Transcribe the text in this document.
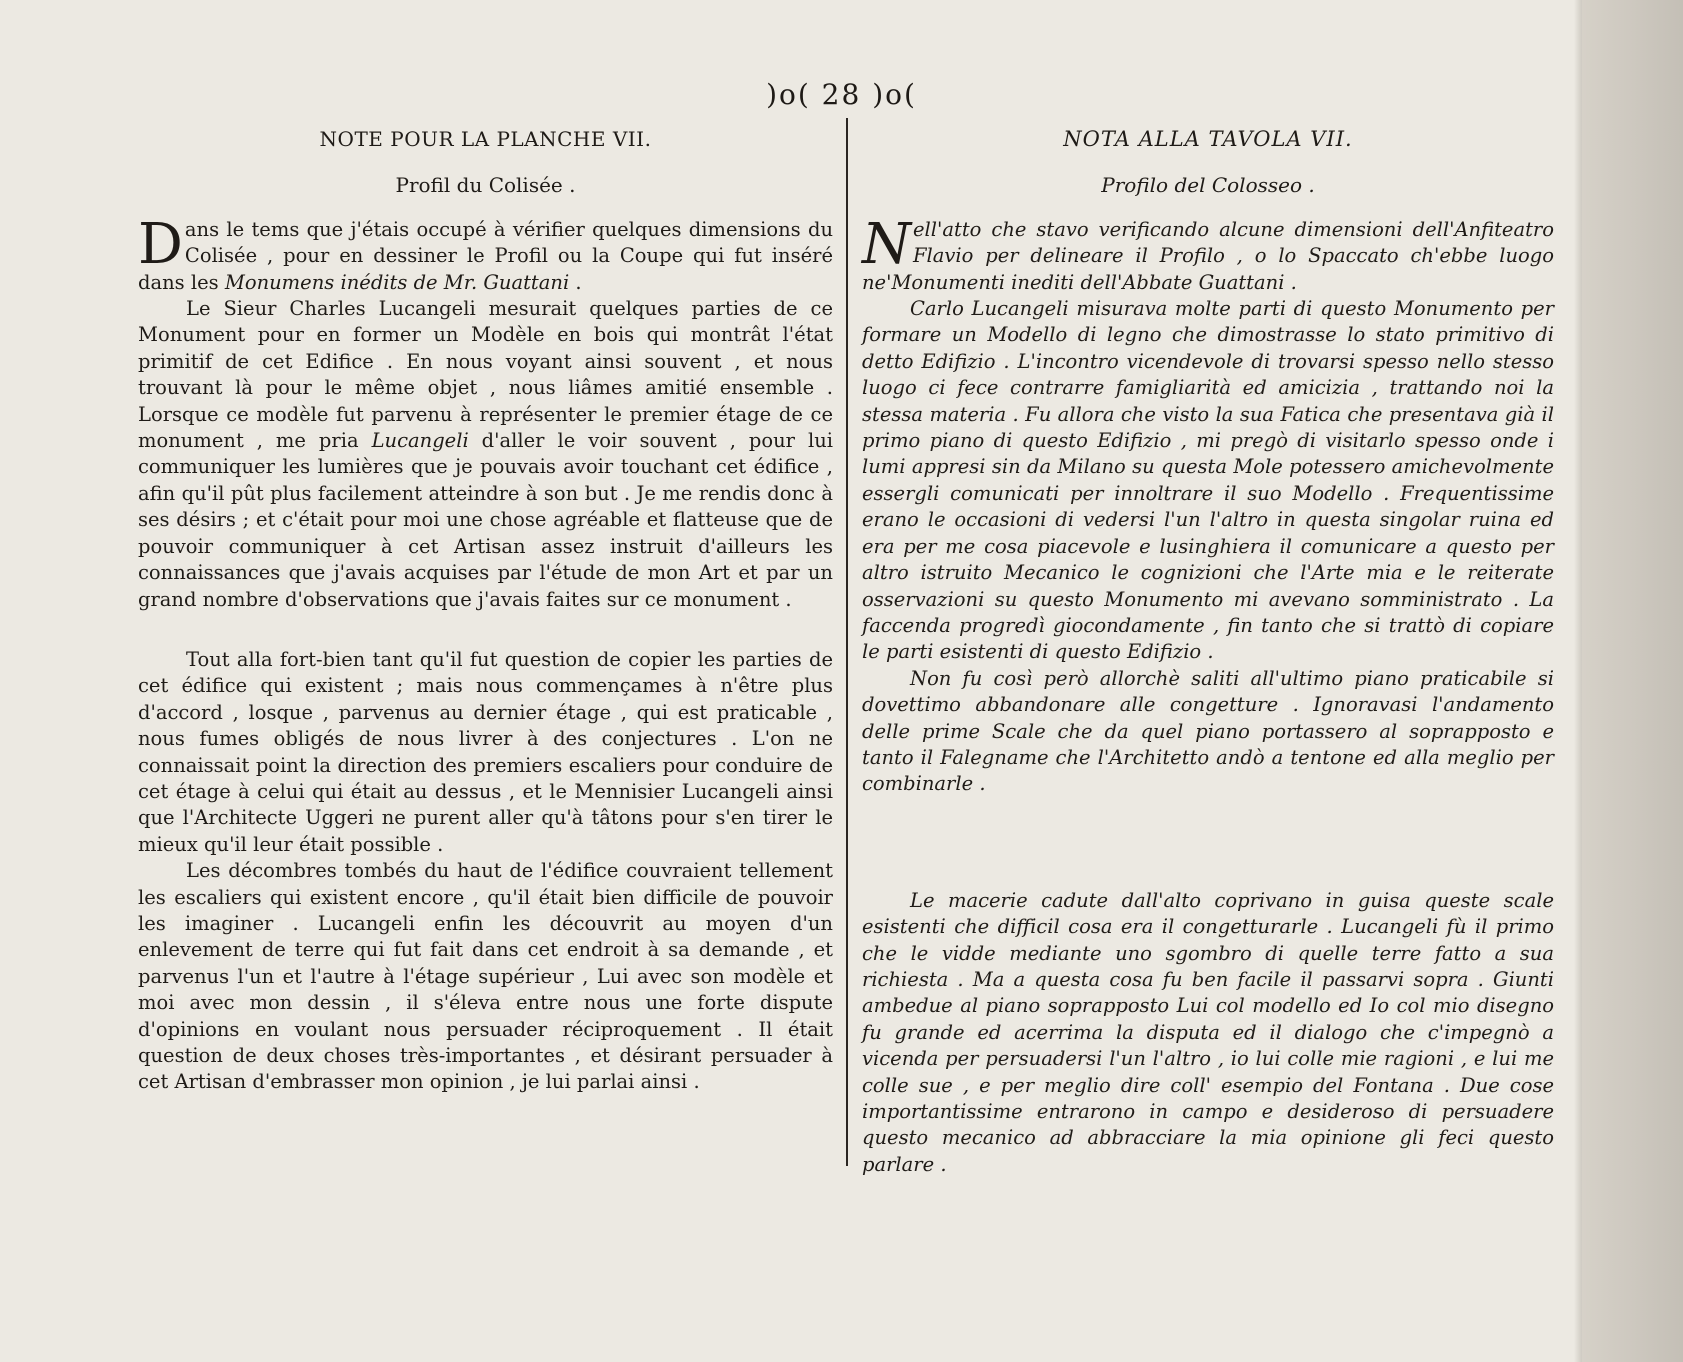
)o( 28 )o(
NOTE POUR LA PLANCHE VII.
Profil du Colisée .

Dans le tems que j'étais occupé à vérifier quelques dimensions du Colisée , pour en dessiner le Profil ou la Coupe qui fut inséré dans les Monumens inédits de Mr. Guattani .

Le Sieur Charles Lucangeli mesurait quelques parties de ce Monument pour en former un Modèle en bois qui montrât l'état primitif de cet Edifice . En nous voyant ainsi souvent , et nous trouvant là pour le même objet , nous liâmes amitié ensemble . Lorsque ce modèle fut parvenu à représenter le premier étage de ce monument , me pria Lucangeli d'aller le voir souvent , pour lui communiquer les lumières que je pouvais avoir touchant cet édifice , afin qu'il pût plus facilement atteindre à son but . Je me rendis donc à ses désirs ; et c'était pour moi une chose agréable et flatteuse que de pouvoir communiquer à cet Artisan assez instruit d'ailleurs les connaissances que j'avais acquises par l'étude de mon Art et par un grand nombre d'observations que j'avais faites sur ce monument .

Tout alla fort-bien tant qu'il fut question de copier les parties de cet édifice qui existent ; mais nous commençames à n'être plus d'accord , losque , parvenus au dernier étage , qui est praticable , nous fumes obligés de nous livrer à des conjectures . L'on ne connaissait point la direction des premiers escaliers pour conduire de cet étage à celui qui était au dessus , et le Mennisier Lucangeli ainsi que l'Architecte Uggeri ne purent aller qu'à tâtons pour s'en tirer le mieux qu'il leur était possible .

Les décombres tombés du haut de l'édifice couvraient tellement les escaliers qui existent encore , qu'il était bien difficile de pouvoir les imaginer . Lucangeli enfin les découvrit au moyen d'un enlevement de terre qui fut fait dans cet endroit à sa demande , et parvenus l'un et l'autre à l'étage supérieur , Lui avec son modèle et moi avec mon dessin , il s'éleva entre nous une forte dispute d'opinions en voulant nous persuader réciproquement . Il était question de deux choses très-importantes , et désirant persuader à cet Artisan d'embrasser mon opinion , je lui parlai ainsi .

NOTA ALLA TAVOLA VII.
Profilo del Colosseo .

Nell'atto che stavo verificando alcune dimensioni dell'Anfiteatro Flavio per delineare il Profilo , o lo Spaccato ch'ebbe luogo ne'Monumenti inediti dell'Abbate Guattani .

Carlo Lucangeli misurava molte parti di questo Monumento per formare un Modello di legno che dimostrasse lo stato primitivo di detto Edifizio . L'incontro vicendevole di trovarsi spesso nello stesso luogo ci fece contrarre famigliarità ed amicizia , trattando noi la stessa materia . Fu allora che visto la sua Fatica che presentava già il primo piano di questo Edifizio , mi pregò di visitarlo spesso onde i lumi appresi sin da Milano su questa Mole potessero amichevolmente essergli comunicati per innoltrare il suo Modello . Frequentissime erano le occasioni di vedersi l'un l'altro in questa singolar ruina ed era per me cosa piacevole e lusinghiera il comunicare a questo per altro istruito Mecanico le cognizioni che l'Arte mia e le reiterate osservazioni su questo Monumento mi avevano somministrato . La faccenda progredì giocondamente , fin tanto che si trattò di copiare le parti esistenti di questo Edifizio .

Non fu così però allorchè saliti all'ultimo piano praticabile si dovettimo abbandonare alle congetture . Ignoravasi l'andamento delle prime Scale che da quel piano portassero al soprapposto e tanto il Falegname che l'Architetto andò a tentone ed alla meglio per combinarle .

Le macerie cadute dall'alto coprivano in guisa queste scale esistenti che difficil cosa era il congetturarle . Lucangeli fù il primo che le vidde mediante uno sgombro di quelle terre fatto a sua richiesta . Ma a questa cosa fu ben facile il passarvi sopra . Giunti ambedue al piano soprapposto Lui col modello ed Io col mio disegno fu grande ed acerrima la disputa ed il dialogo che c'impegnò a vicenda per persuadersi l'un l'altro , io lui colle mie ragioni , e lui me colle sue , e per meglio dire coll' esempio del Fontana . Due cose importantissime entrarono in campo e desideroso di persuadere questo mecanico ad abbracciare la mia opinione gli feci questo parlare .
